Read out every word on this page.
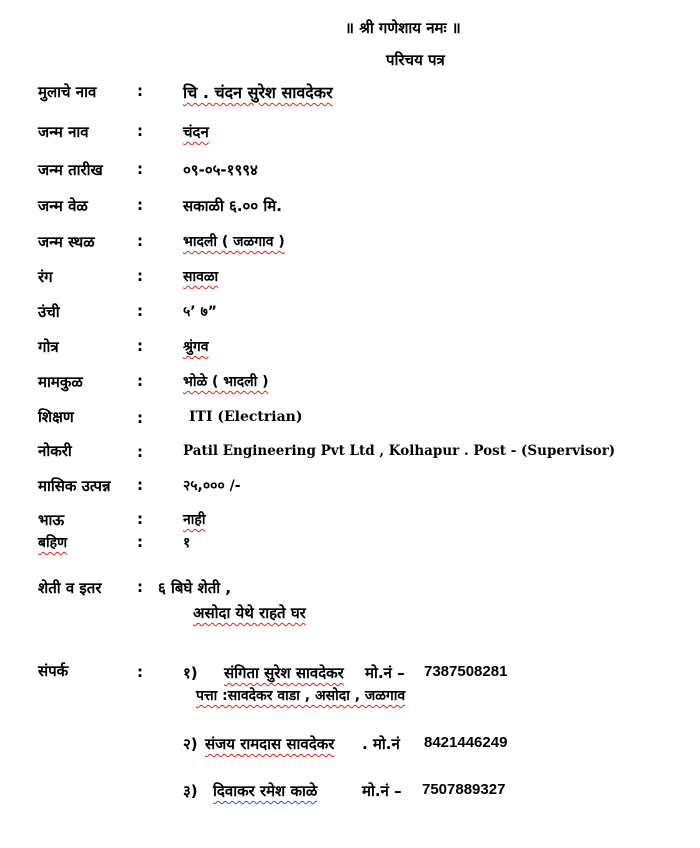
॥ श्री गणेशाय नमः ॥
परिचय पत्र
मुलाचे नाव	:	चि . चंदन सुरेश सावदेकर
जन्म नाव	:	चंदन
जन्म तारीख :	०९-०५-१९९४
जन्म वेळ	:	सकाळी ६.०० मि.
जन्म स्थळ	:	भादली ( जळगाव )
रंग	:	सावळा
उंची	:	५’ ७”
गोत्र	:	श्रुंगव
मामकुळ	:	भोळे ( भादली )
शिक्षण	:	ITI (Electrian)
नोकरी	:	Patil Engineering Pvt Ltd , Kolhapur . Post - (Supervisor)
मासिक उत्पन्न :	२५,००० /-
भाऊ	:	नाही
बहिण	:	१
शेती व इतर : ६ बिघे शेती ,
असोदा येथे राहते घर
संपर्क	:	१) संगिता सुरेश सावदेकर मो.नं – 7387508281
पत्ता :सावदेकर वाडा , असोदा , जळगाव
२) संजय रामदास सावदेकर . मो.नं 8421446249
३) दिवाकर रमेश काळे	मो.नं – 7507889327
